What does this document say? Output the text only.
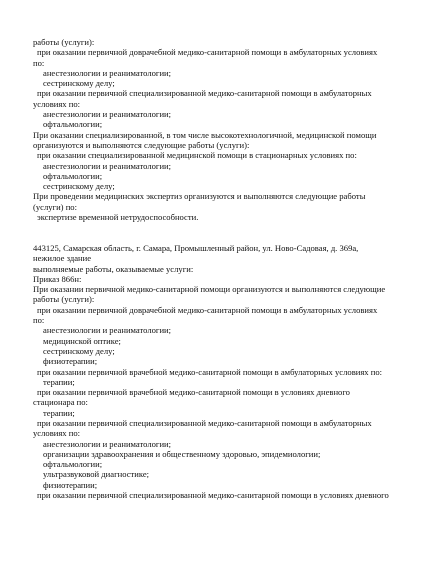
работы (услуги):
при оказании первичной доврачебной медико-санитарной помощи в амбулаторных условиях
по:
анестезиологии и реаниматологии;
сестринскому делу;
при оказании первичной специализированной медико-санитарной помощи в амбулаторных
условиях по:
анестезиологии и реаниматологии;
офтальмологии;
При оказании специализированной, в том числе высокотехнологичной, медицинской помощи
организуются и выполняются следующие работы (услуги):
при оказании специализированной медицинской помощи в стационарных условиях по:
анестезиологии и реаниматологии;
офтальмологии;
сестринскому делу;
При проведении медицинских экспертиз организуются и выполняются следующие работы
(услуги) по:
экспертизе временной нетрудоспособности.
443125, Самарская область, г. Самара, Промышленный район, ул. Ново-Садовая, д. 369а,
нежилое здание
выполняемые работы, оказываемые услуги:
Приказ 866н:
При оказании первичной медико-санитарной помощи организуются и выполняются следующие
работы (услуги):
при оказании первичной доврачебной медико-санитарной помощи в амбулаторных условиях
по:
анестезиологии и реаниматологии;
медицинской оптике;
сестринскому делу;
физиотерапии;
при оказании первичной врачебной медико-санитарной помощи в амбулаторных условиях по:
терапии;
при оказании первичной врачебной медико-санитарной помощи в условиях дневного
стационара по:
терапии;
при оказании первичной специализированной медико-санитарной помощи в амбулаторных
условиях по:
анестезиологии и реаниматологии;
организации здравоохранения и общественному здоровью, эпидемиологии;
офтальмологии;
ультразвуковой диагностике;
физиотерапии;
при оказании первичной специализированной медико-санитарной помощи в условиях дневного
